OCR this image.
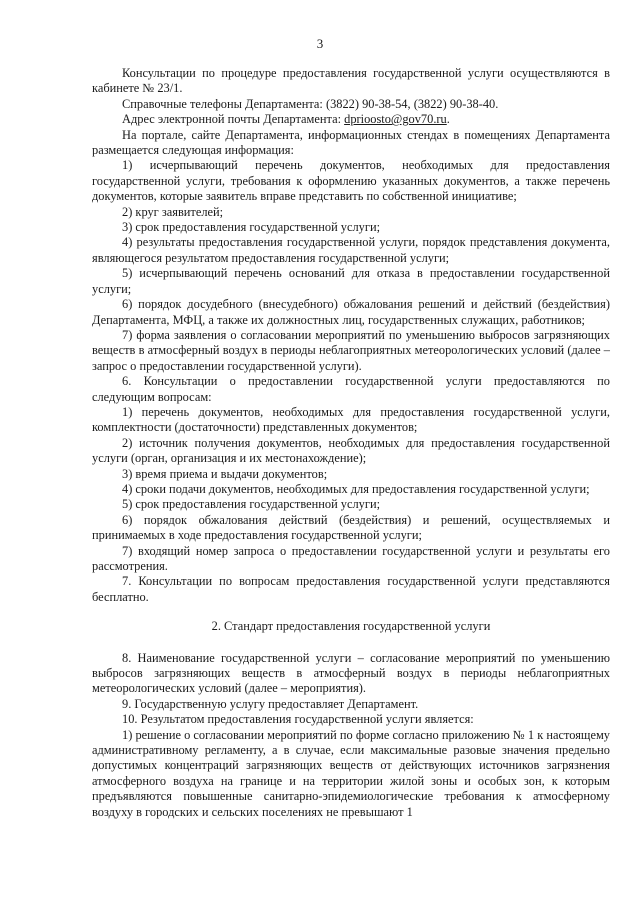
3

Консультации по процедуре предоставления государственной услуги осуществляются в кабинете № 23/1.

Справочные телефоны Департамента: (3822) 90-38-54, (3822) 90-38-40.

Адрес электронной почты Департамента: dprioosto@gov70.ru.

На портале, сайте Департамента, информационных стендах в помещениях Департамента размещается следующая информация:

1) исчерпывающий перечень документов, необходимых для предоставления государственной услуги, требования к оформлению указанных документов, а также перечень документов, которые заявитель вправе представить по собственной инициативе;

2) круг заявителей;

3) срок предоставления государственной услуги;

4) результаты предоставления государственной услуги, порядок представления документа, являющегося результатом предоставления государственной услуги;

5) исчерпывающий перечень оснований для отказа в предоставлении государственной услуги;

6) порядок досудебного (внесудебного) обжалования решений и действий (бездействия) Департамента, МФЦ, а также их должностных лиц, государственных служащих, работников;

7) форма заявления о согласовании мероприятий по уменьшению выбросов загрязняющих веществ в атмосферный воздух в периоды неблагоприятных метеорологических условий (далее – запрос о предоставлении государственной услуги).

6. Консультации о предоставлении государственной услуги предоставляются по следующим вопросам:

1) перечень документов, необходимых для предоставления государственной услуги, комплектности (достаточности) представленных документов;

2) источник получения документов, необходимых для предоставления государственной услуги (орган, организация и их местонахождение);

3) время приема и выдачи документов;

4) сроки подачи документов, необходимых для предоставления государственной услуги;

5) срок предоставления государственной услуги;

6) порядок обжалования действий (бездействия) и решений, осуществляемых и принимаемых в ходе предоставления государственной услуги;

7) входящий номер запроса о предоставлении государственной услуги и результаты его рассмотрения.

7. Консультации по вопросам предоставления государственной услуги представляются бесплатно.

2. Стандарт предоставления государственной услуги

8. Наименование государственной услуги – согласование мероприятий по уменьшению выбросов загрязняющих веществ в атмосферный воздух в периоды неблагоприятных метеорологических условий (далее – мероприятия).

9. Государственную услугу предоставляет Департамент.

10. Результатом предоставления государственной услуги является:

1) решение о согласовании мероприятий по форме согласно приложению № 1 к настоящему административному регламенту, а в случае, если максимальные разовые значения предельно допустимых концентраций загрязняющих веществ от действующих источников загрязнения атмосферного воздуха на границе и на территории жилой зоны и особых зон, к которым предъявляются повышенные санитарно-эпидемиологические требования к атмосферному воздуху в городских и сельских поселениях не превышают 1
